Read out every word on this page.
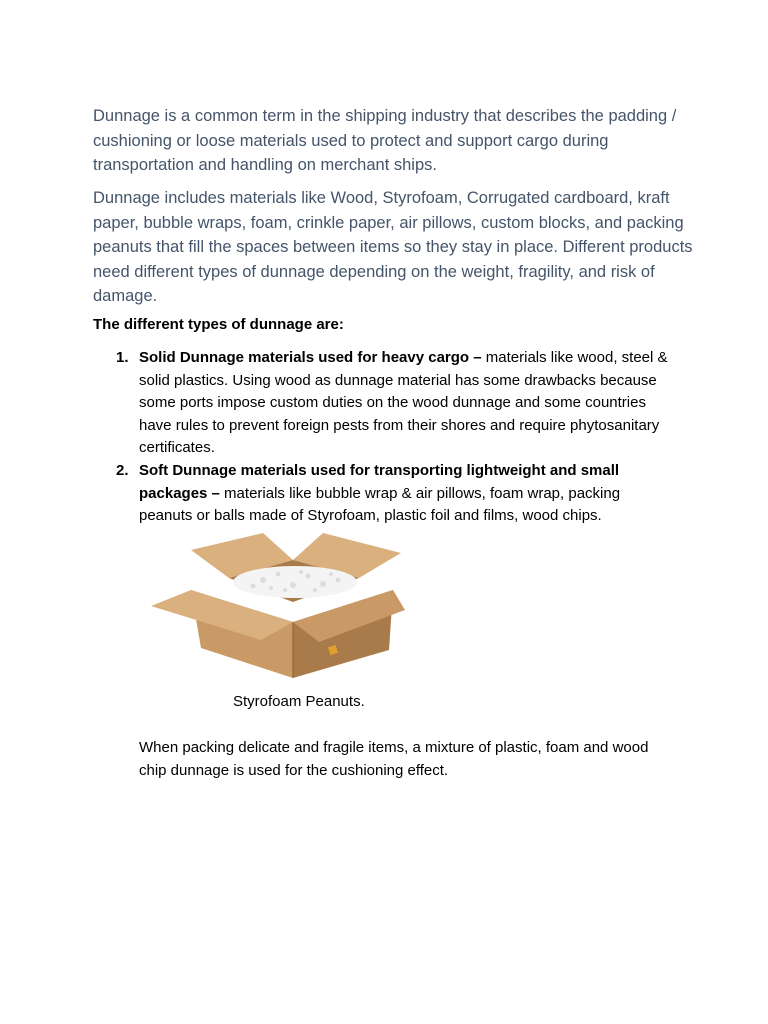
Dunnage is a common term in the shipping industry that describes the padding / cushioning or loose materials used to protect and support cargo during transportation and handling on merchant ships.

Dunnage includes materials like Wood, Styrofoam, Corrugated cardboard, kraft paper, bubble wraps, foam, crinkle paper, air pillows, custom blocks, and packing peanuts that fill the spaces between items so they stay in place. Different products need different types of dunnage depending on the weight, fragility, and risk of damage.

The different types of dunnage are:

1. Solid Dunnage materials used for heavy cargo – materials like wood, steel & solid plastics. Using wood as dunnage material has some drawbacks because some ports impose custom duties on the wood dunnage and some countries have rules to prevent foreign pests from their shores and require phytosanitary certificates.
2. Soft Dunnage materials used for transporting lightweight and small packages – materials like bubble wrap & air pillows, foam wrap, packing peanuts or balls made of Styrofoam, plastic foil and films, wood chips.

Styrofoam Peanuts.

When packing delicate and fragile items, a mixture of plastic, foam and wood chip dunnage is used for the cushioning effect.
